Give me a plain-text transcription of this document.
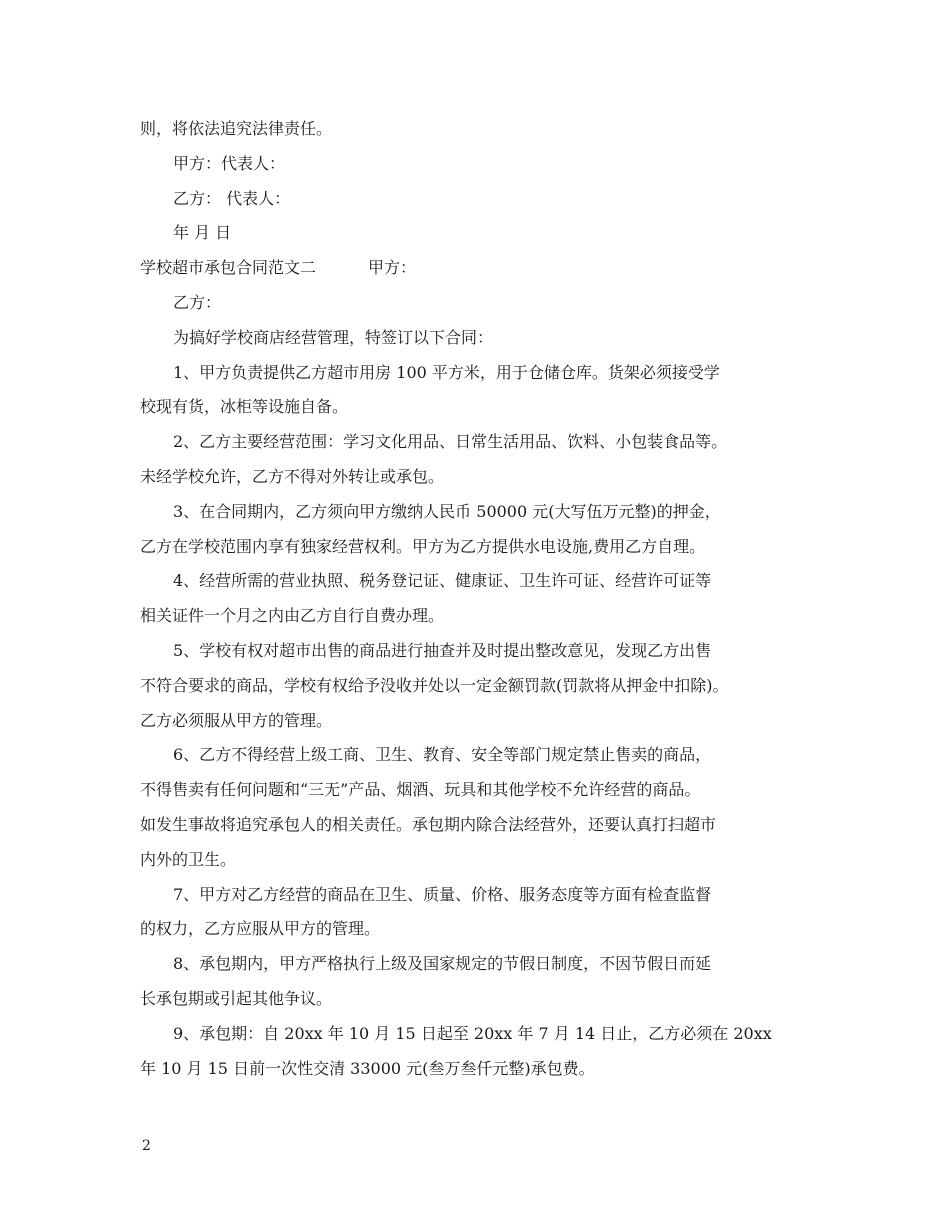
则，将依法追究法律责任。
甲方：代表人：
乙方： 代表人：
年 月 日
学校超市承包合同范文二	甲方：
乙方：
为搞好学校商店经营管理，特签订以下合同：
1、甲方负责提供乙方超市用房 100 平方米，用于仓储仓库。货架必须接受学
校现有货，冰柜等设施自备。
2、乙方主要经营范围：学习文化用品、日常生活用品、饮料、小包装食品等。
未经学校允许，乙方不得对外转让或承包。
3、在合同期内，乙方须向甲方缴纳人民币 50000 元(大写伍万元整)的押金，
乙方在学校范围内享有独家经营权利。甲方为乙方提供水电设施,费用乙方自理。
4、经营所需的营业执照、税务登记证、健康证、卫生许可证、经营许可证等
相关证件一个月之内由乙方自行自费办理。
5、学校有权对超市出售的商品进行抽查并及时提出整改意见，发现乙方出售
不符合要求的商品，学校有权给予没收并处以一定金额罚款(罚款将从押金中扣除)。
乙方必须服从甲方的管理。
6、乙方不得经营上级工商、卫生、教育、安全等部门规定禁止售卖的商品，
不得售卖有任何问题和“三无”产品、烟酒、玩具和其他学校不允许经营的商品。
如发生事故将追究承包人的相关责任。承包期内除合法经营外，还要认真打扫超市
内外的卫生。
7、甲方对乙方经营的商品在卫生、质量、价格、服务态度等方面有检查监督
的权力，乙方应服从甲方的管理。
8、承包期内，甲方严格执行上级及国家规定的节假日制度，不因节假日而延
长承包期或引起其他争议。
9、承包期：自 20xx 年 10 月 15 日起至 20xx 年 7 月 14 日止，乙方必须在 20xx
年 10 月 15 日前一次性交清 33000 元(叁万叁仟元整)承包费。
2
